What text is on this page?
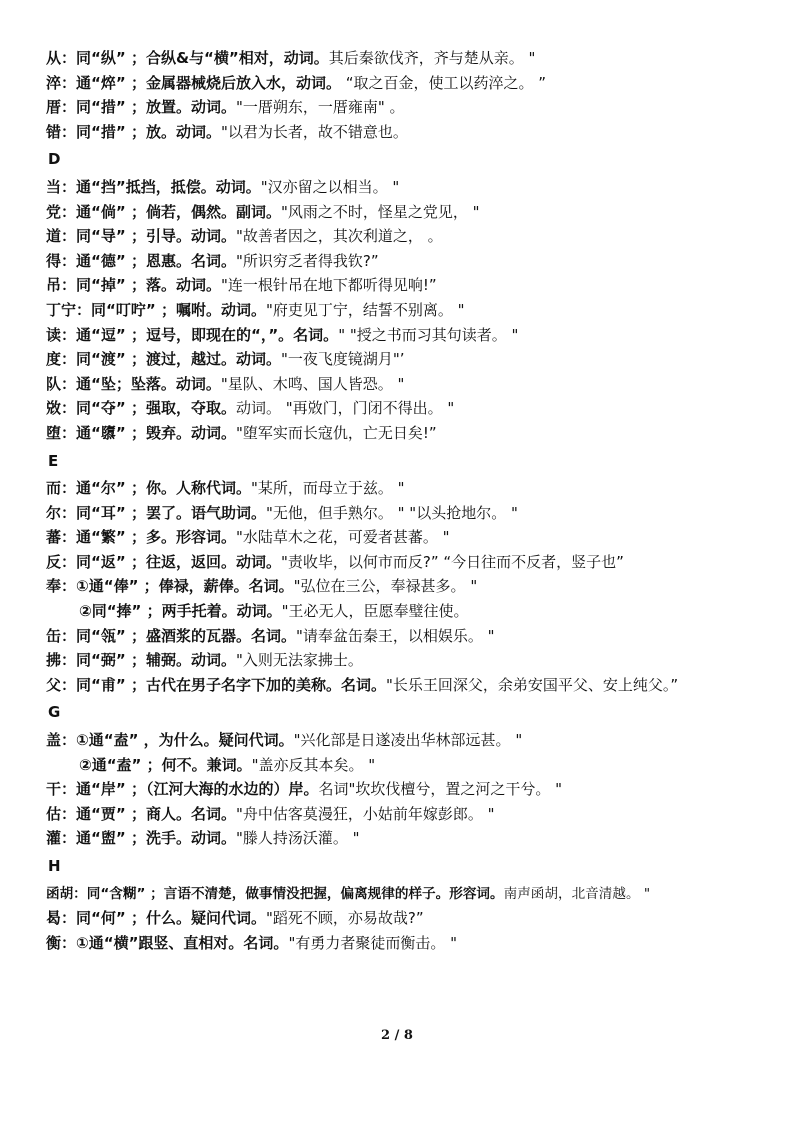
从：同“纵” ；合纵&与“横”相对，动词。其后秦欲伐齐，齐与楚从亲。 "
淬：通“焠” ；金属器械烧后放入水，动词。 “取之百金，使工以药淬之。 ”
厝：同“措” ；放置。动词。"一厝朔东，一厝雍南" 。
错：同“措” ；放。动词。"以君为长者，故不错意也。
D
当：通“挡”抵挡，抵偿。动词。"汉亦留之以相当。 "
党：通“倘” ；倘若，偶然。副词。"风雨之不时，怪星之党见， "
道：同“导” ；引导。动词。"故善者因之，其次利道之， 。
得：通“德” ；恩惠。名词。"所识穷乏者得我钦?”
吊：同“掉” ；落。动词。"连一根针吊在地下都听得见响!”
丁宁：同“叮咛” ；嘱咐。动词。"府吏见丁宁，结誓不别离。 "
读：通“逗” ；逗号，即现在的“，”。名词。" "授之书而习其句读者。 "
度：同“渡” ；渡过，越过。动词。"一夜飞度镜湖月"’
队：通“坠；坠落。动词。"星队、木鸣、国人皆恐。 "
敚：同“夺” ；强取，夺取。动词。 "再敚门，门闭不得出。 "
堕：通“隳” ；毁弃。动词。"堕军实而长寇仇，亡无日矣!”
E
而：通“尔” ；你。人称代词。"某所，而母立于兹。 "
尔：同“耳” ；罢了。语气助词。"无他，但手熟尔。 " "以头抢地尔。 "
蕃：通“繁” ；多。形容词。"水陆草木之花，可爱者甚蕃。 "
反：同“返” ；往返，返回。动词。"责收毕，以何市而反?” “今日往而不反者，竖子也”
奉：①通“俸” ；俸禄，薪俸。名词。"弘位在三公，奉禄甚多。 "
②同“捧” ；两手托着。动词。"王必无人，臣愿奉璧往使。
缶：同“瓴” ；盛酒浆的瓦器。名词。"请奉盆缶秦王，以相娱乐。 "
拂：同“弼” ；辅弼。动词。"入则无法家拂士。
父：同“甫” ；古代在男子名字下加的美称。名词。"长乐王回深父，余弟安国平父、安上纯父。”
G
盖：①通“盍” ，为什么。疑问代词。"兴化部是日遂凌出华林部远甚。 "
②通“盍” ；何不。兼词。"盖亦反其本矣。 "
干：通“岸” ；（江河大海的水边的）岸。名词"坎坎伐檀兮，置之河之干兮。 "
估：通“贾” ；商人。名词。"舟中估客莫漫狂，小姑前年嫁彭郎。 "
灌：通“盥” ；洗手。动词。"滕人持汤沃灌。 "
H
函胡：同“含糊” ；言语不清楚，做事情没把握，偏离规律的样子。形容词。南声函胡，北音清越。 "
曷：同“何” ；什么。疑问代词。"蹈死不顾，亦易故哉?”
衡：①通“横”跟竖、直相对。名词。"有勇力者聚徒而衡击。 "
2 / 8
